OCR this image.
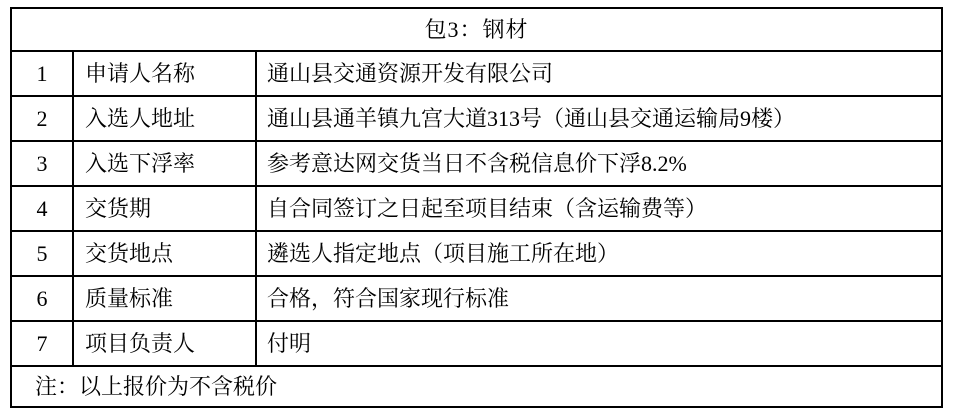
包3：钢材		
1	申请人名称	通山县交通资源开发有限公司
2	入选人地址	通山县通羊镇九宫大道313号（通山县交通运输局9楼）
3	入选下浮率	参考意达网交货当日不含税信息价下浮8.2%
4	交货期	自合同签订之日起至项目结束（含运输费等）
5	交货地点	遴选人指定地点（项目施工所在地）
6	质量标准	合格，符合国家现行标准
7	项目负责人	付明
注：以上报价为不含税价		
